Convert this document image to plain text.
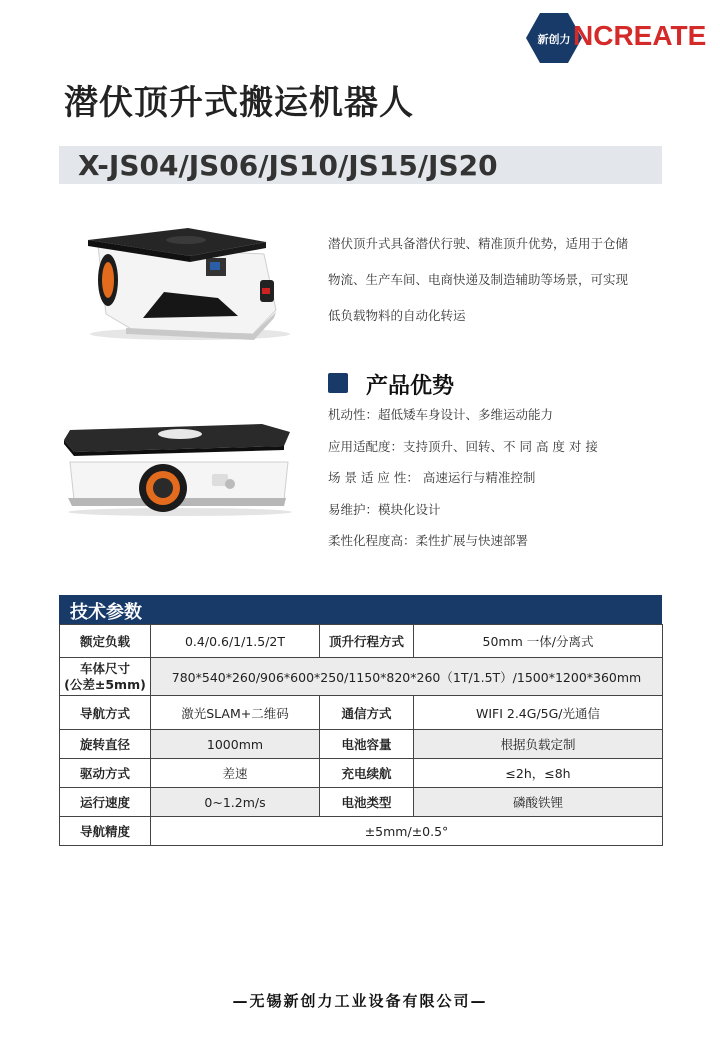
新创力 NCREATE
潜伏顶升式搬运机器人
X-JS04/JS06/JS10/JS15/JS20
潜伏顶升式具备潜伏行驶、精准顶升优势，适用于仓储
物流、生产车间、电商快递及制造辅助等场景，可实现
低负载物料的自动化转运
产品优势
机动性：超低矮车身设计、多维运动能力
应用适配度：支持顶升、回转、不 同 高 度 对 接
场 景 适 应 性： 高速运行与精准控制
易维护：模块化设计
柔性化程度高：柔性扩展与快速部署
技术参数
额定负载	0.4/0.6/1/1.5/2T	顶升行程方式	50mm 一体/分离式

车体尺寸
(公差±5mm)	780*540*260/906*600*250/1150*820*260（1T/1.5T）/1500*1200*360mm		
导航方式	激光SLAM+二维码	通信方式	WIFI 2.4G/5G/光通信
旋转直径	1000mm	电池容量	根据负载定制
驱动方式	差速	充电续航	≤2h，≤8h
运行速度	0~1.2m/s	电池类型	磷酸铁锂
导航精度	±5mm/±0.5°		
—无锡新创力工业设备有限公司—
